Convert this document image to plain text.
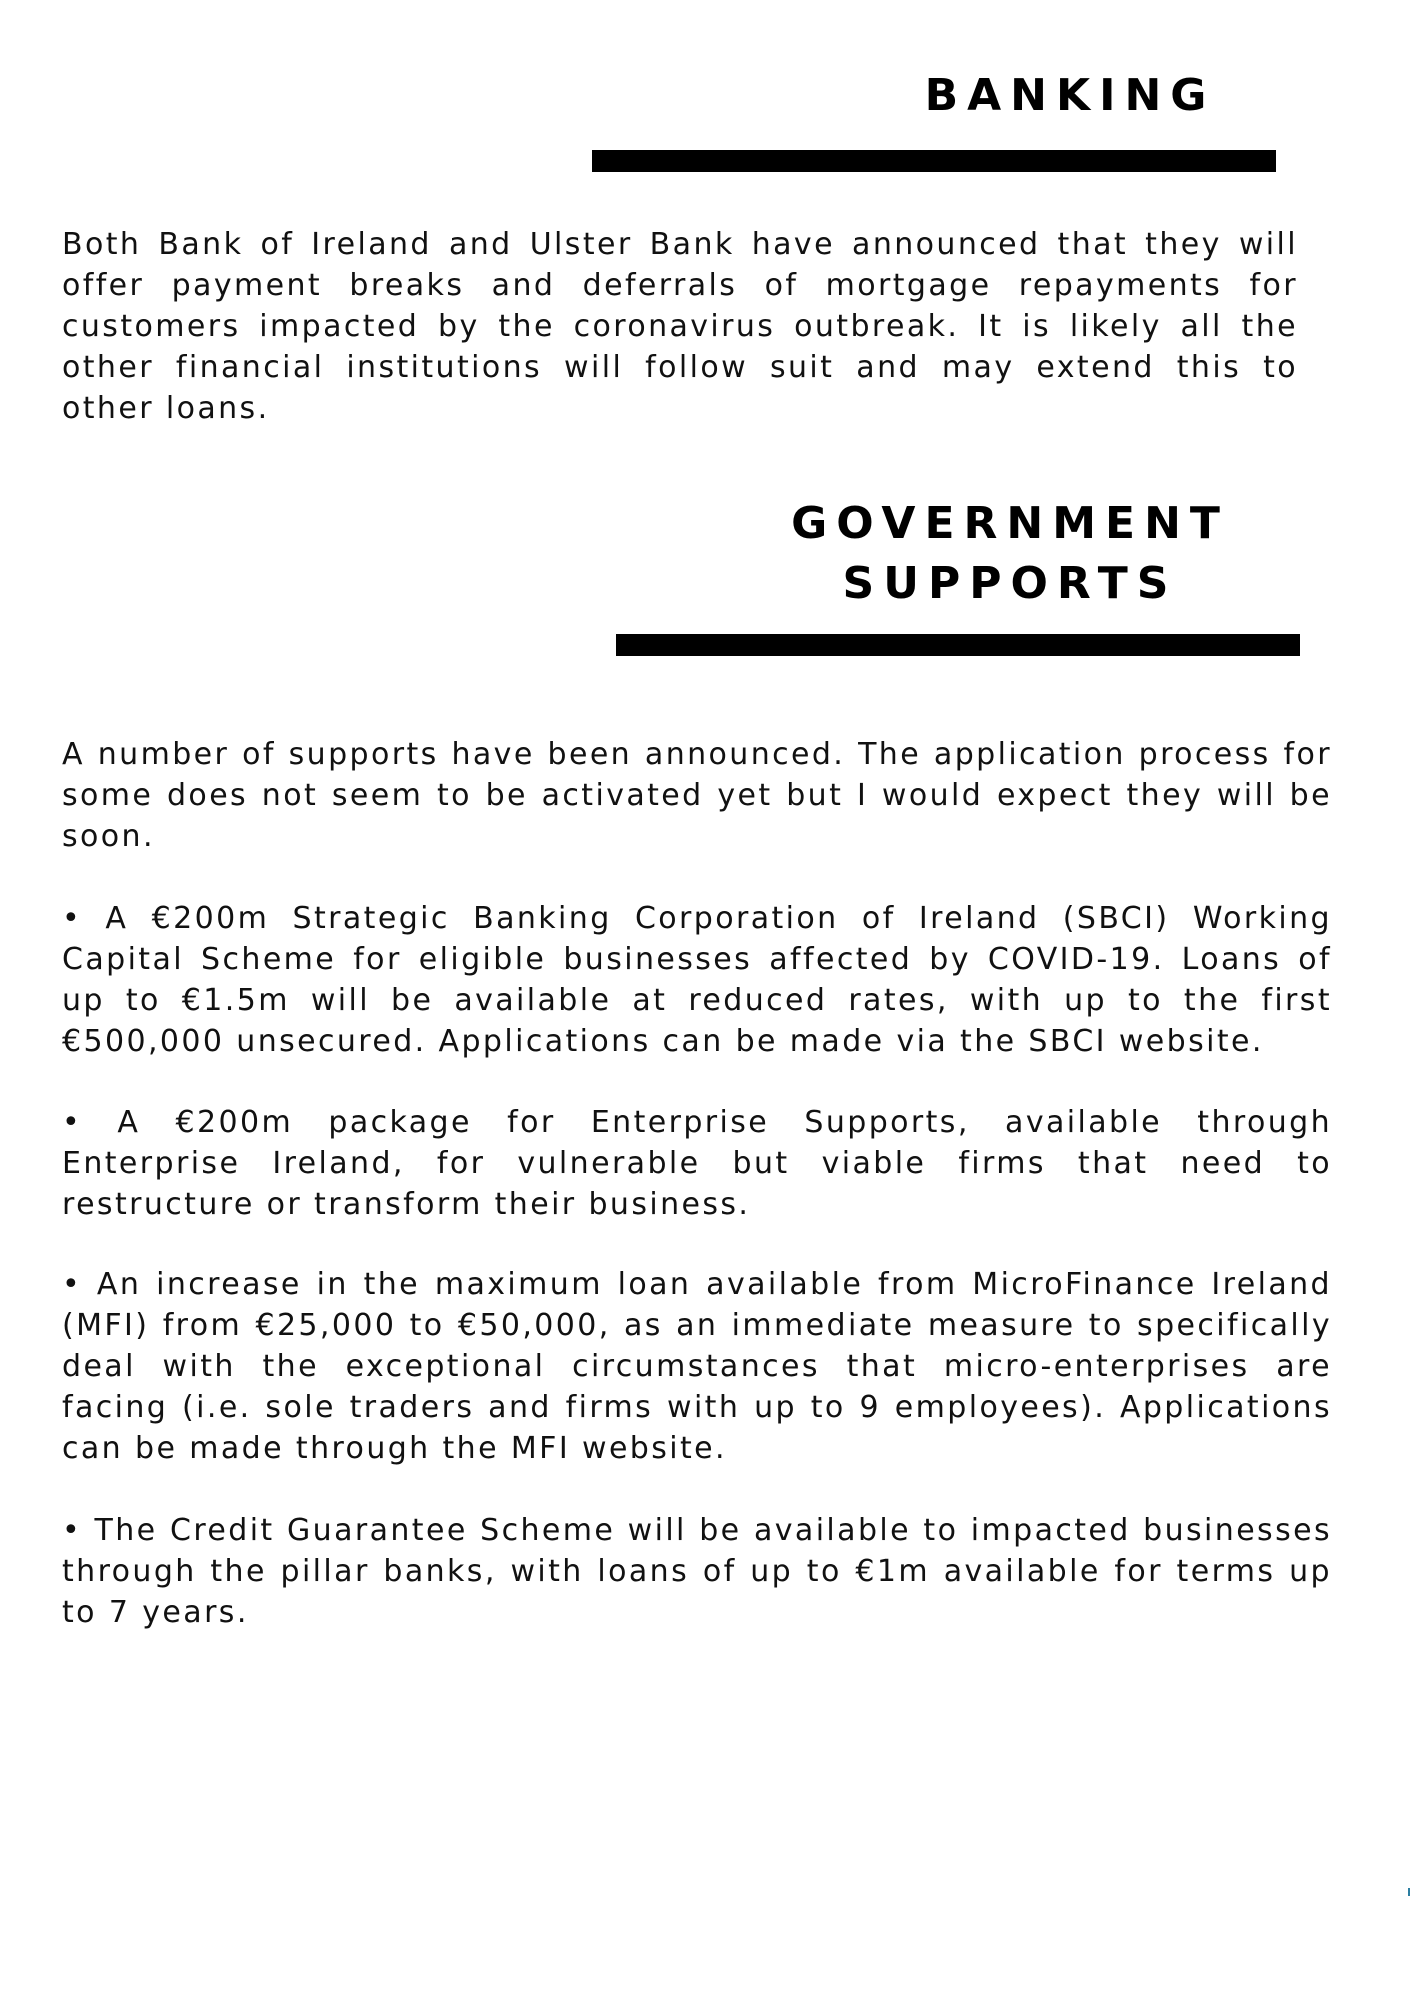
BANKING

Both Bank of Ireland and Ulster Bank have announced that they will offer payment breaks and deferrals of mortgage repayments for customers impacted by the coronavirus outbreak. It is likely all the other financial institutions will follow suit and may extend this to other loans.

GOVERNMENT
SUPPORTS

A number of supports have been announced. The application process for some does not seem to be activated yet but I would expect they will be soon.

• A €200m Strategic Banking Corporation of Ireland (SBCI) Working Capital Scheme for eligible businesses affected by COVID-19. Loans of up to €1.5m will be available at reduced rates, with up to the first €500,000 unsecured. Applications can be made via the SBCI website.

• A €200m package for Enterprise Supports, available through Enterprise Ireland, for vulnerable but viable firms that need to restructure or transform their business.

• An increase in the maximum loan available from MicroFinance Ireland (MFI) from €25,000 to €50,000, as an immediate measure to specifically deal with the exceptional circumstances that micro-enterprises are facing (i.e. sole traders and firms with up to 9 employees). Applications can be made through the MFI website.

• The Credit Guarantee Scheme will be available to impacted businesses through the pillar banks, with loans of up to €1m available for terms up to 7 years.
